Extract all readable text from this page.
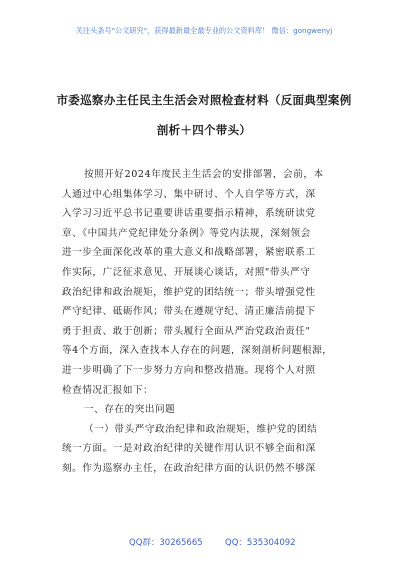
关注头条号"公文研究"，获得最新最全最专业的公文资料库！ 微信：gongwenyj
市委巡察办主任民主生活会对照检查材料（反面典型案例
剖析＋四个带头）
按照开好2024年度民主生活会的安排部署，会前，本
人通过中心组集体学习、集中研讨、个人自学等方式，深
入学习习近平总书记重要讲话重要指示精神，系统研读党
章、《中国共产党纪律处分条例》等党内法规，深刻领会
进一步全面深化改革的重大意义和战略部署，紧密联系工
作实际，广泛征求意见、开展谈心谈话，对照"带头严守
政治纪律和政治规矩，维护党的团结统一；带头增强党性
严守纪律、砥砺作风；带头在遵规守纪、清正廉洁前提下
勇于担责、敢于创新；带头履行全面从严治党政治责任"
等4个方面，深入查找本人存在的问题，深刻剖析问题根源，
进一步明确了下一步努力方向和整改措施。现将个人对照
检查情况汇报如下：
一、存在的突出问题
（一）带头严守政治纪律和政治规矩，维护党的团结
统一方面。一是对政治纪律的关键作用认识不够全面和深
刻。作为巡察办主任，在政治纪律方面的认识仍然不够深
QQ群：30265665	QQ：535304092
